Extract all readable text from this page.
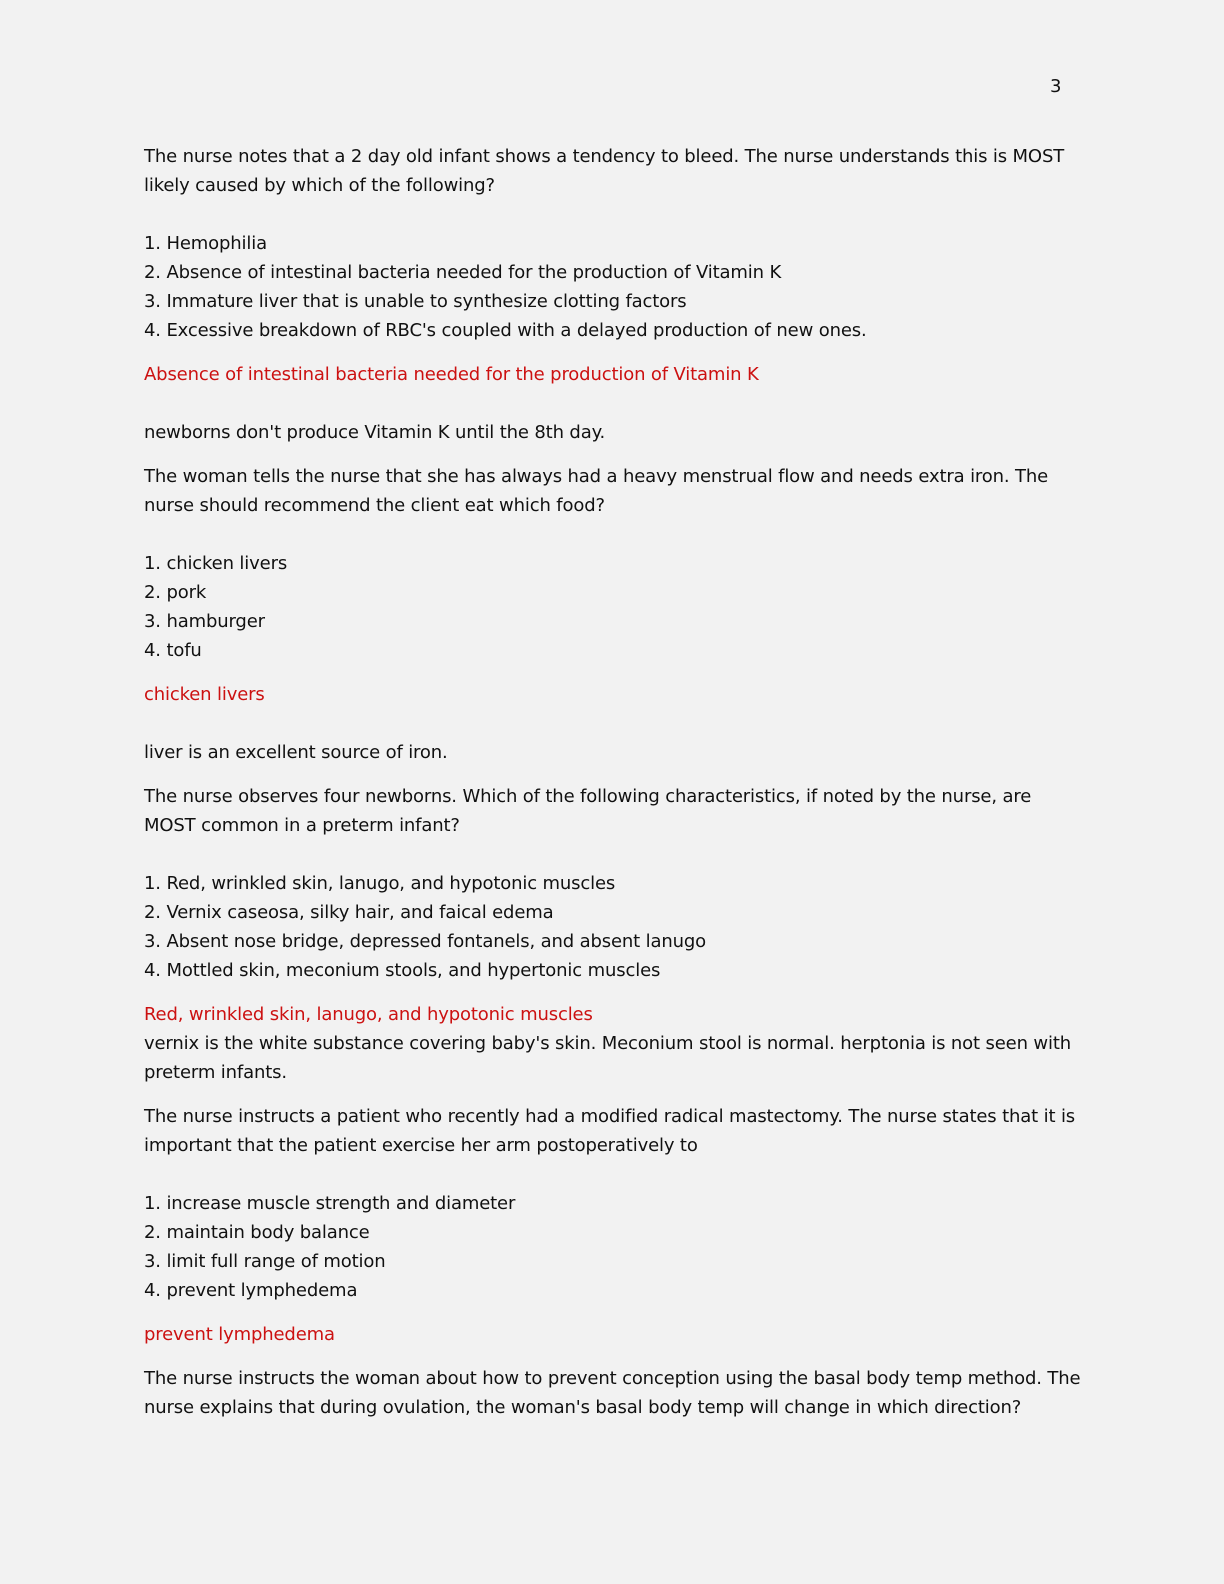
3

The nurse notes that a 2 day old infant shows a tendency to bleed. The nurse understands this is MOST likely caused by which of the following?

1. Hemophilia
2. Absence of intestinal bacteria needed for the production of Vitamin K
3. Immature liver that is unable to synthesize clotting factors
4. Excessive breakdown of RBC's coupled with a delayed production of new ones.

Absence of intestinal bacteria needed for the production of Vitamin K

newborns don't produce Vitamin K until the 8th day.

The woman tells the nurse that she has always had a heavy menstrual flow and needs extra iron. The nurse should recommend the client eat which food?

1. chicken livers
2. pork
3. hamburger
4. tofu

chicken livers

liver is an excellent source of iron.

The nurse observes four newborns. Which of the following characteristics, if noted by the nurse, are MOST common in a preterm infant?

1. Red, wrinkled skin, lanugo, and hypotonic muscles
2. Vernix caseosa, silky hair, and faical edema
3. Absent nose bridge, depressed fontanels, and absent lanugo
4. Mottled skin, meconium stools, and hypertonic muscles

Red, wrinkled skin, lanugo, and hypotonic muscles

vernix is the white substance covering baby's skin. Meconium stool is normal. herptonia is not seen with preterm infants.

The nurse instructs a patient who recently had a modified radical mastectomy. The nurse states that it is important that the patient exercise her arm postoperatively to

1. increase muscle strength and diameter
2. maintain body balance
3. limit full range of motion
4. prevent lymphedema

prevent lymphedema

The nurse instructs the woman about how to prevent conception using the basal body temp method. The nurse explains that during ovulation, the woman's basal body temp will change in which direction?
